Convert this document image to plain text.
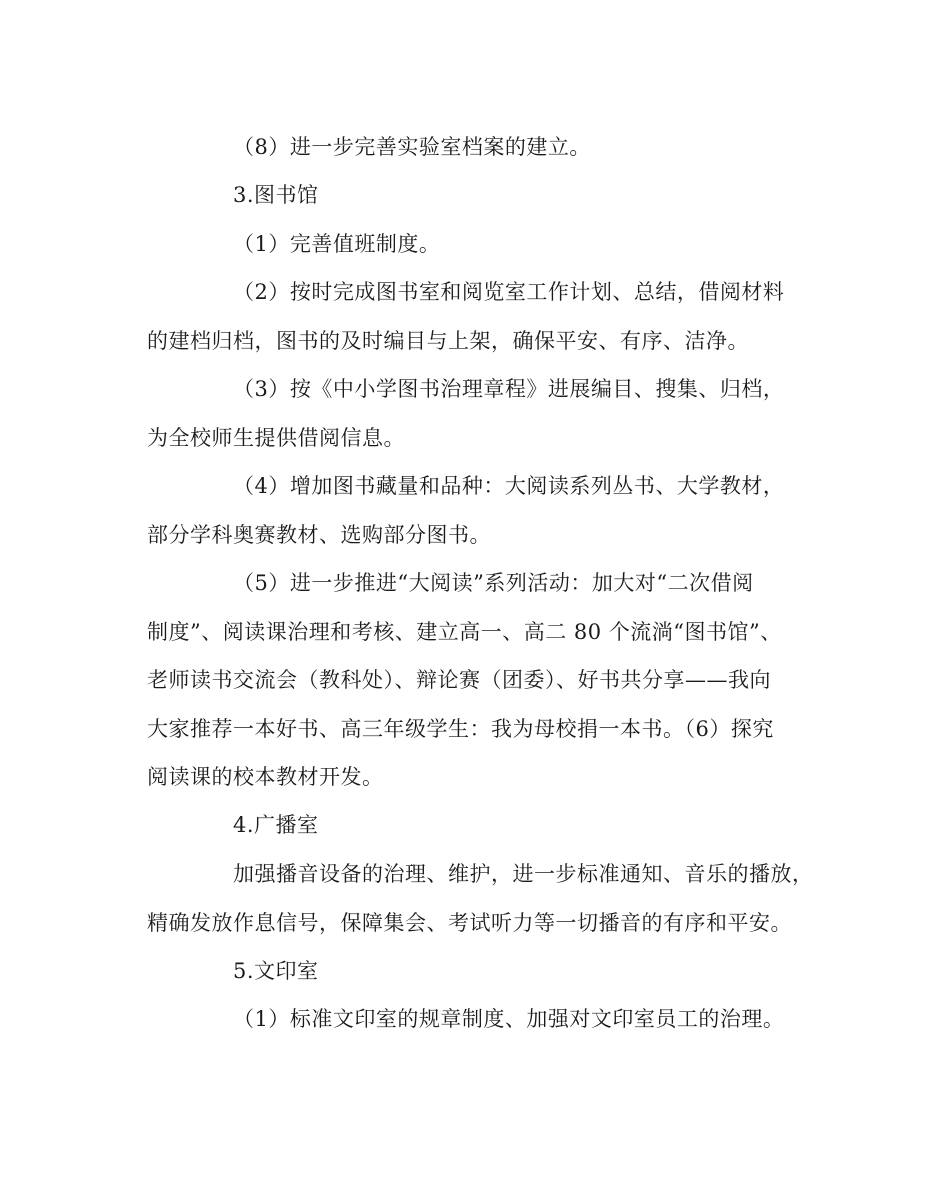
（8）进一步完善实验室档案的建立。

3.图书馆

（1）完善值班制度。

（2）按时完成图书室和阅览室工作计划、总结，借阅材料
的建档归档，图书的及时编目与上架，确保平安、有序、洁净。

（3）按《中小学图书治理章程》进展编目、搜集、归档，
为全校师生提供借阅信息。

（4）增加图书藏量和品种：大阅读系列丛书、大学教材，
部分学科奥赛教材、选购部分图书。

（5）进一步推进“大阅读”系列活动：加大对“二次借阅
制度”、阅读课治理和考核、建立高一、高二 80 个流淌“图书馆”、
老师读书交流会（教科处）、辩论赛（团委）、好书共分享——我向
大家推荐一本好书、高三年级学生：我为母校捐一本书。（6）探究
阅读课的校本教材开发。

4.广播室

加强播音设备的治理、维护，进一步标准通知、音乐的播放，
精确发放作息信号，保障集会、考试听力等一切播音的有序和平安。

5.文印室

（1）标准文印室的规章制度、加强对文印室员工的治理。
